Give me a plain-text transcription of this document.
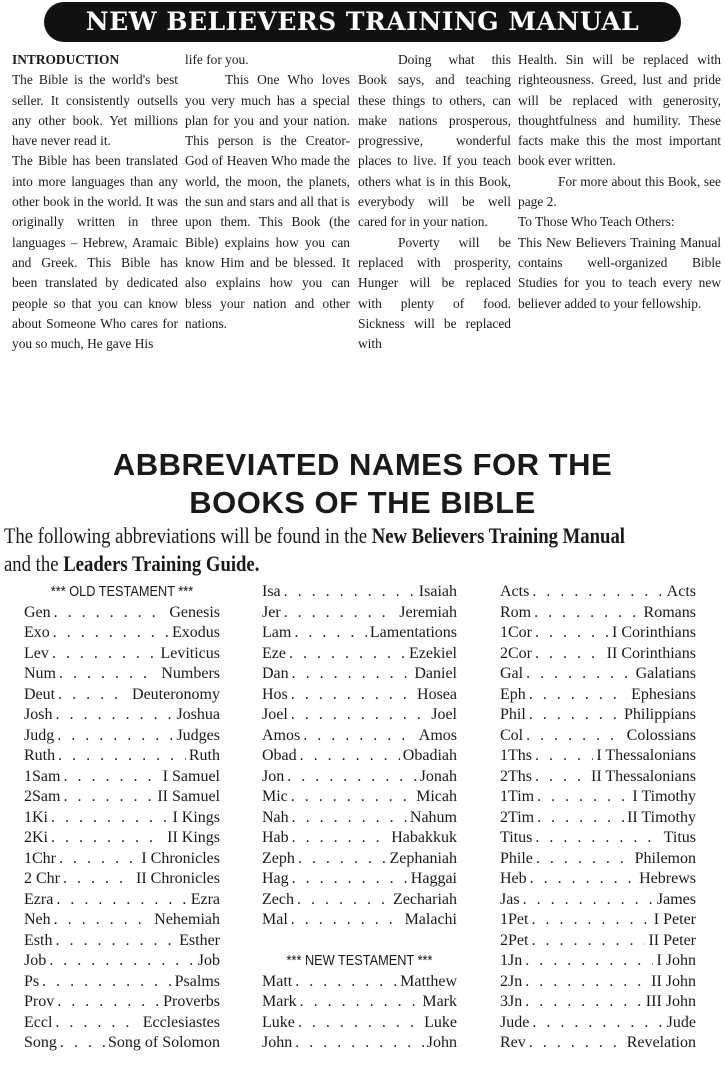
NEW BELIEVERS TRAINING MANUAL

INTRODUCTION

The Bible is the world's best seller. It consistently outsells any other book. Yet millions have never read it.

The Bible has been translated into more languages than any other book in the world. It was originally written in three languages – Hebrew, Aramaic and Greek. This Bible has been translated by dedicated people so that you can know about Someone Who cares for you so much, He gave His

life for you.

This One Who loves you very much has a special plan for you and your nation. This person is the Creator-God of Heaven Who made the world, the moon, the planets, the sun and stars and all that is upon them. This Book (the Bible) explains how you can know Him and be blessed. It also explains how you can bless your nation and other nations.

Doing what this Book says, and teaching these things to others, can make nations prosperous, progressive, wonderful places to live. If you teach others what is in this Book, everybody will be well cared for in your nation.

Poverty will be replaced with prosperity, Hunger will be replaced with plenty of food. Sickness will be replaced with

Health. Sin will be replaced with righteousness. Greed, lust and pride will be replaced with generosity, thoughtfulness and humility. These facts make this the most important book ever written.

For more about this Book, see page 2.

To Those Who Teach Others:

This New Believers Training Manual contains well-organized Bible Studies for you to teach every new believer added to your fellowship.

ABBREVIATED NAMES FOR THE
BOOKS OF THE BIBLE
The following abbreviations will be found in the New Believers Training Manual
and the Leaders Training Guide.
*** OLD TESTAMENT ***
Gen . . .	Genesis
Exo . . .	Exodus
Lev . . .	Leviticus
Num . . .	Numbers
Deut . . .	Deuteronomy
Josh . . .	Joshua
Judg . . .	Judges
Ruth . . .	Ruth
1Sam . . .	I Samuel
2Sam . . .	II Samuel
1Ki . . .	I Kings
2Ki . . .	II Kings
1Chr . . .	I Chronicles
2 Chr . . .	II Chronicles
Ezra . . .	Ezra
Neh . . .	Nehemiah
Esth . . .	Esther
Job . . .	Job
Ps . . .	Psalms
Prov . . .	Proverbs
Eccl . . .	Ecclesiastes
Song . . .	Song of Solomon
Isa . . .	Isaiah
Jer . . .	Jeremiah
Lam . . .	Lamentations
Eze . . .	Ezekiel
Dan . . .	Daniel
Hos . . .	Hosea
Joel . . .	Joel
Amos . . .	Amos
Obad . . .	Obadiah
Jon . . .	Jonah
Mic . . .	Micah
Nah . . .	Nahum
Hab . . .	Habakkuk
Zeph . . .	Zephaniah
Hag . . .	Haggai
Zech . . .	Zechariah
Mal . . .	Malachi
*** NEW TESTAMENT ***
Matt . . .	Matthew
Mark . . .	Mark
Luke . . .	Luke
John . . .	John
Acts . . .	Acts
Rom . . .	Romans
1Cor . . .	I Corinthians
2Cor . . .	II Corinthians
Gal . . .	Galatians
Eph . . .	Ephesians
Phil . . .	Philippians
Col . . .	Colossians
1Ths . . .	I Thessalonians
2Ths . . .	II Thessalonians
1Tim . . .	I Timothy
2Tim . . .	II Timothy
Titus . . .	Titus
Phile . . .	Philemon
Heb . . .	Hebrews
Jas . . .	James
1Pet . . .	I Peter
2Pet . . .	II Peter
1Jn . . .	I John
2Jn . . .	II John
3Jn . . .	III John
Jude . . .	Jude
Rev . . .	Revelation
